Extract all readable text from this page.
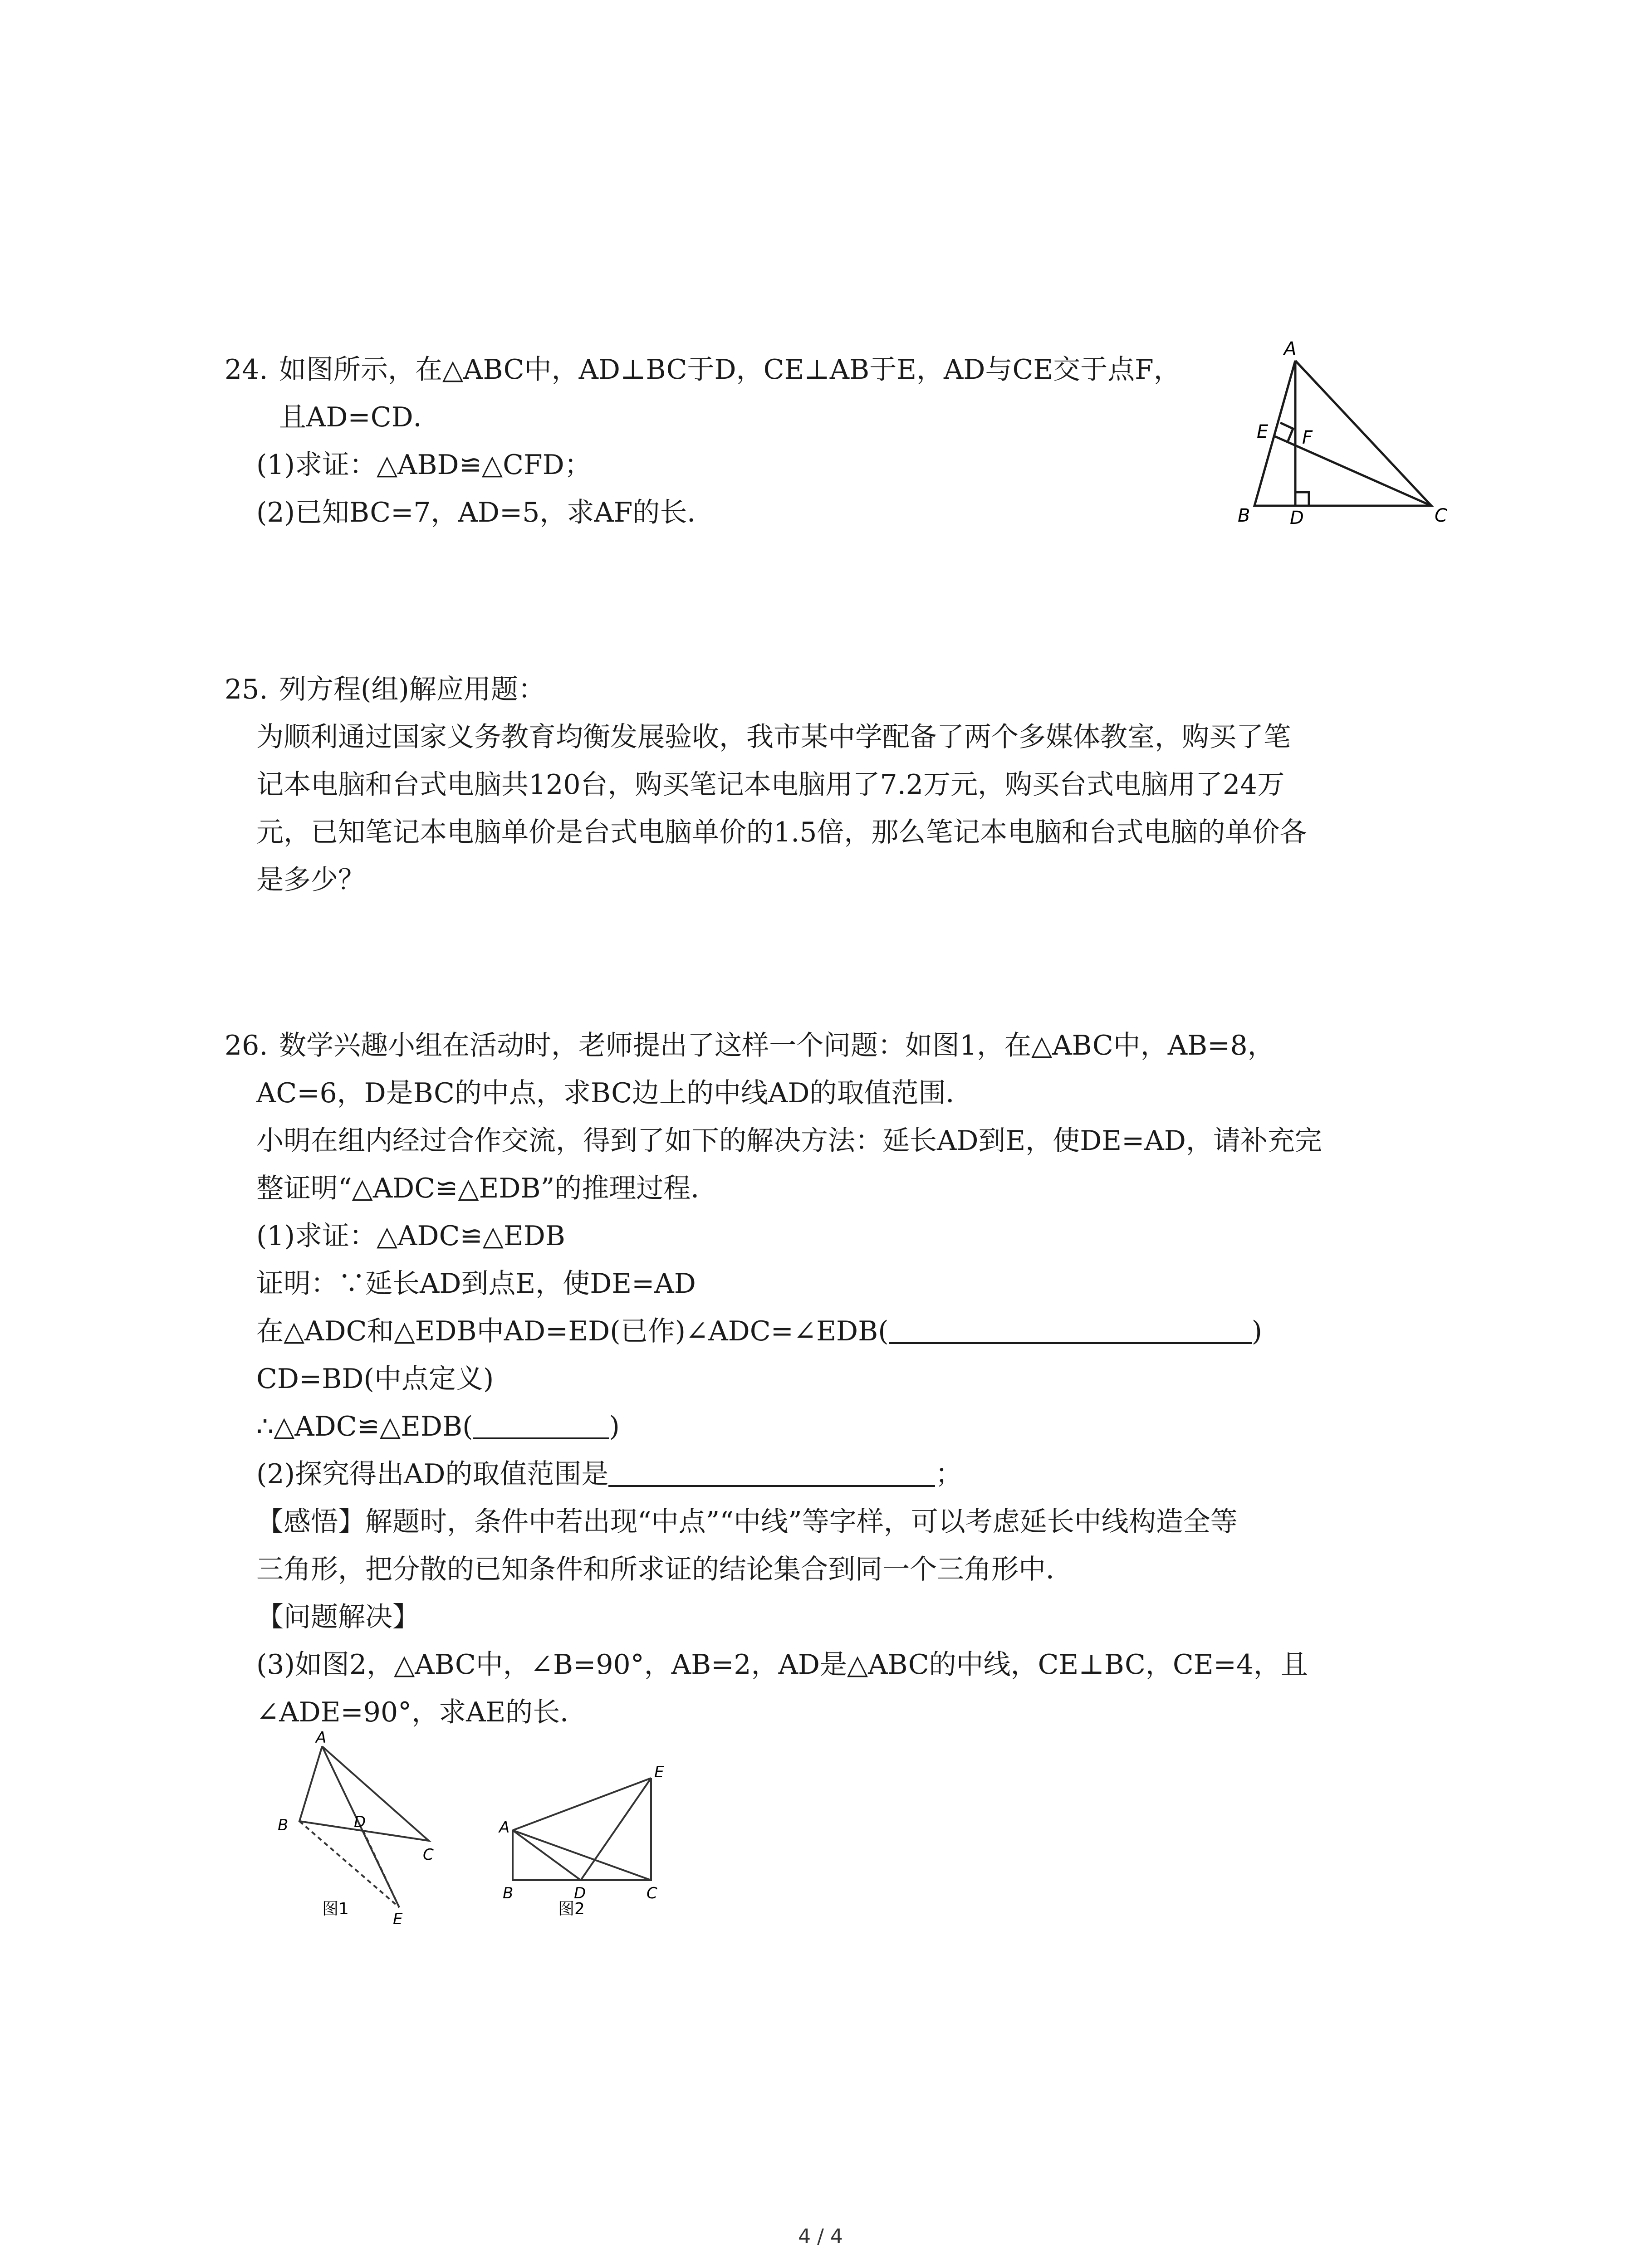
24. 如图所示，在△ABC中，AD⊥BC于D，CE⊥AB于E，AD与CE交于点F，
且AD=CD．
(1)求证：△ABD≌△CFD；
(2)已知BC=7，AD=5，求AF的长．
A
B	C
D
E F
25. 列方程(组)解应用题：
为顺利通过国家义务教育均衡发展验收，我市某中学配备了两个多媒体教室，购买了笔
记本电脑和台式电脑共120台，购买笔记本电脑用了7.2万元，购买台式电脑用了24万
元，已知笔记本电脑单价是台式电脑单价的1.5倍，那么笔记本电脑和台式电脑的单价各
是多少？
26. 数学兴趣小组在活动时，老师提出了这样一个问题：如图1，在△ABC中，AB=8，
AC=6，D是BC的中点，求BC边上的中线AD的取值范围．
小明在组内经过合作交流，得到了如下的解决方法：延长AD到E，使DE=AD，请补充完
整证明“△ADC≌△EDB”的推理过程．
(1)求证：△ADC≌△EDB
证明：∵延长AD到点E，使DE=AD
在△ADC和△EDB中AD=ED(已作)∠ADC=∠EDB(	)
CD=BD(中点定义)
∴△ADC≌△EDB(	)
(2)探究得出AD的取值范围是	；
【感悟】解题时，条件中若出现“中点”“中线”等字样，可以考虑延长中线构造全等
三角形，把分散的已知条件和所求证的结论集合到同一个三角形中．
【问题解决】
(3)如图2，△ABC中，∠B=90°，AB=2，AD是△ABC的中线，CE⊥BC，CE=4，且
∠ADE=90°，求AE的长．
A
B	D
C
E
图1
A
B	D	C
E
图2
4 / 4
